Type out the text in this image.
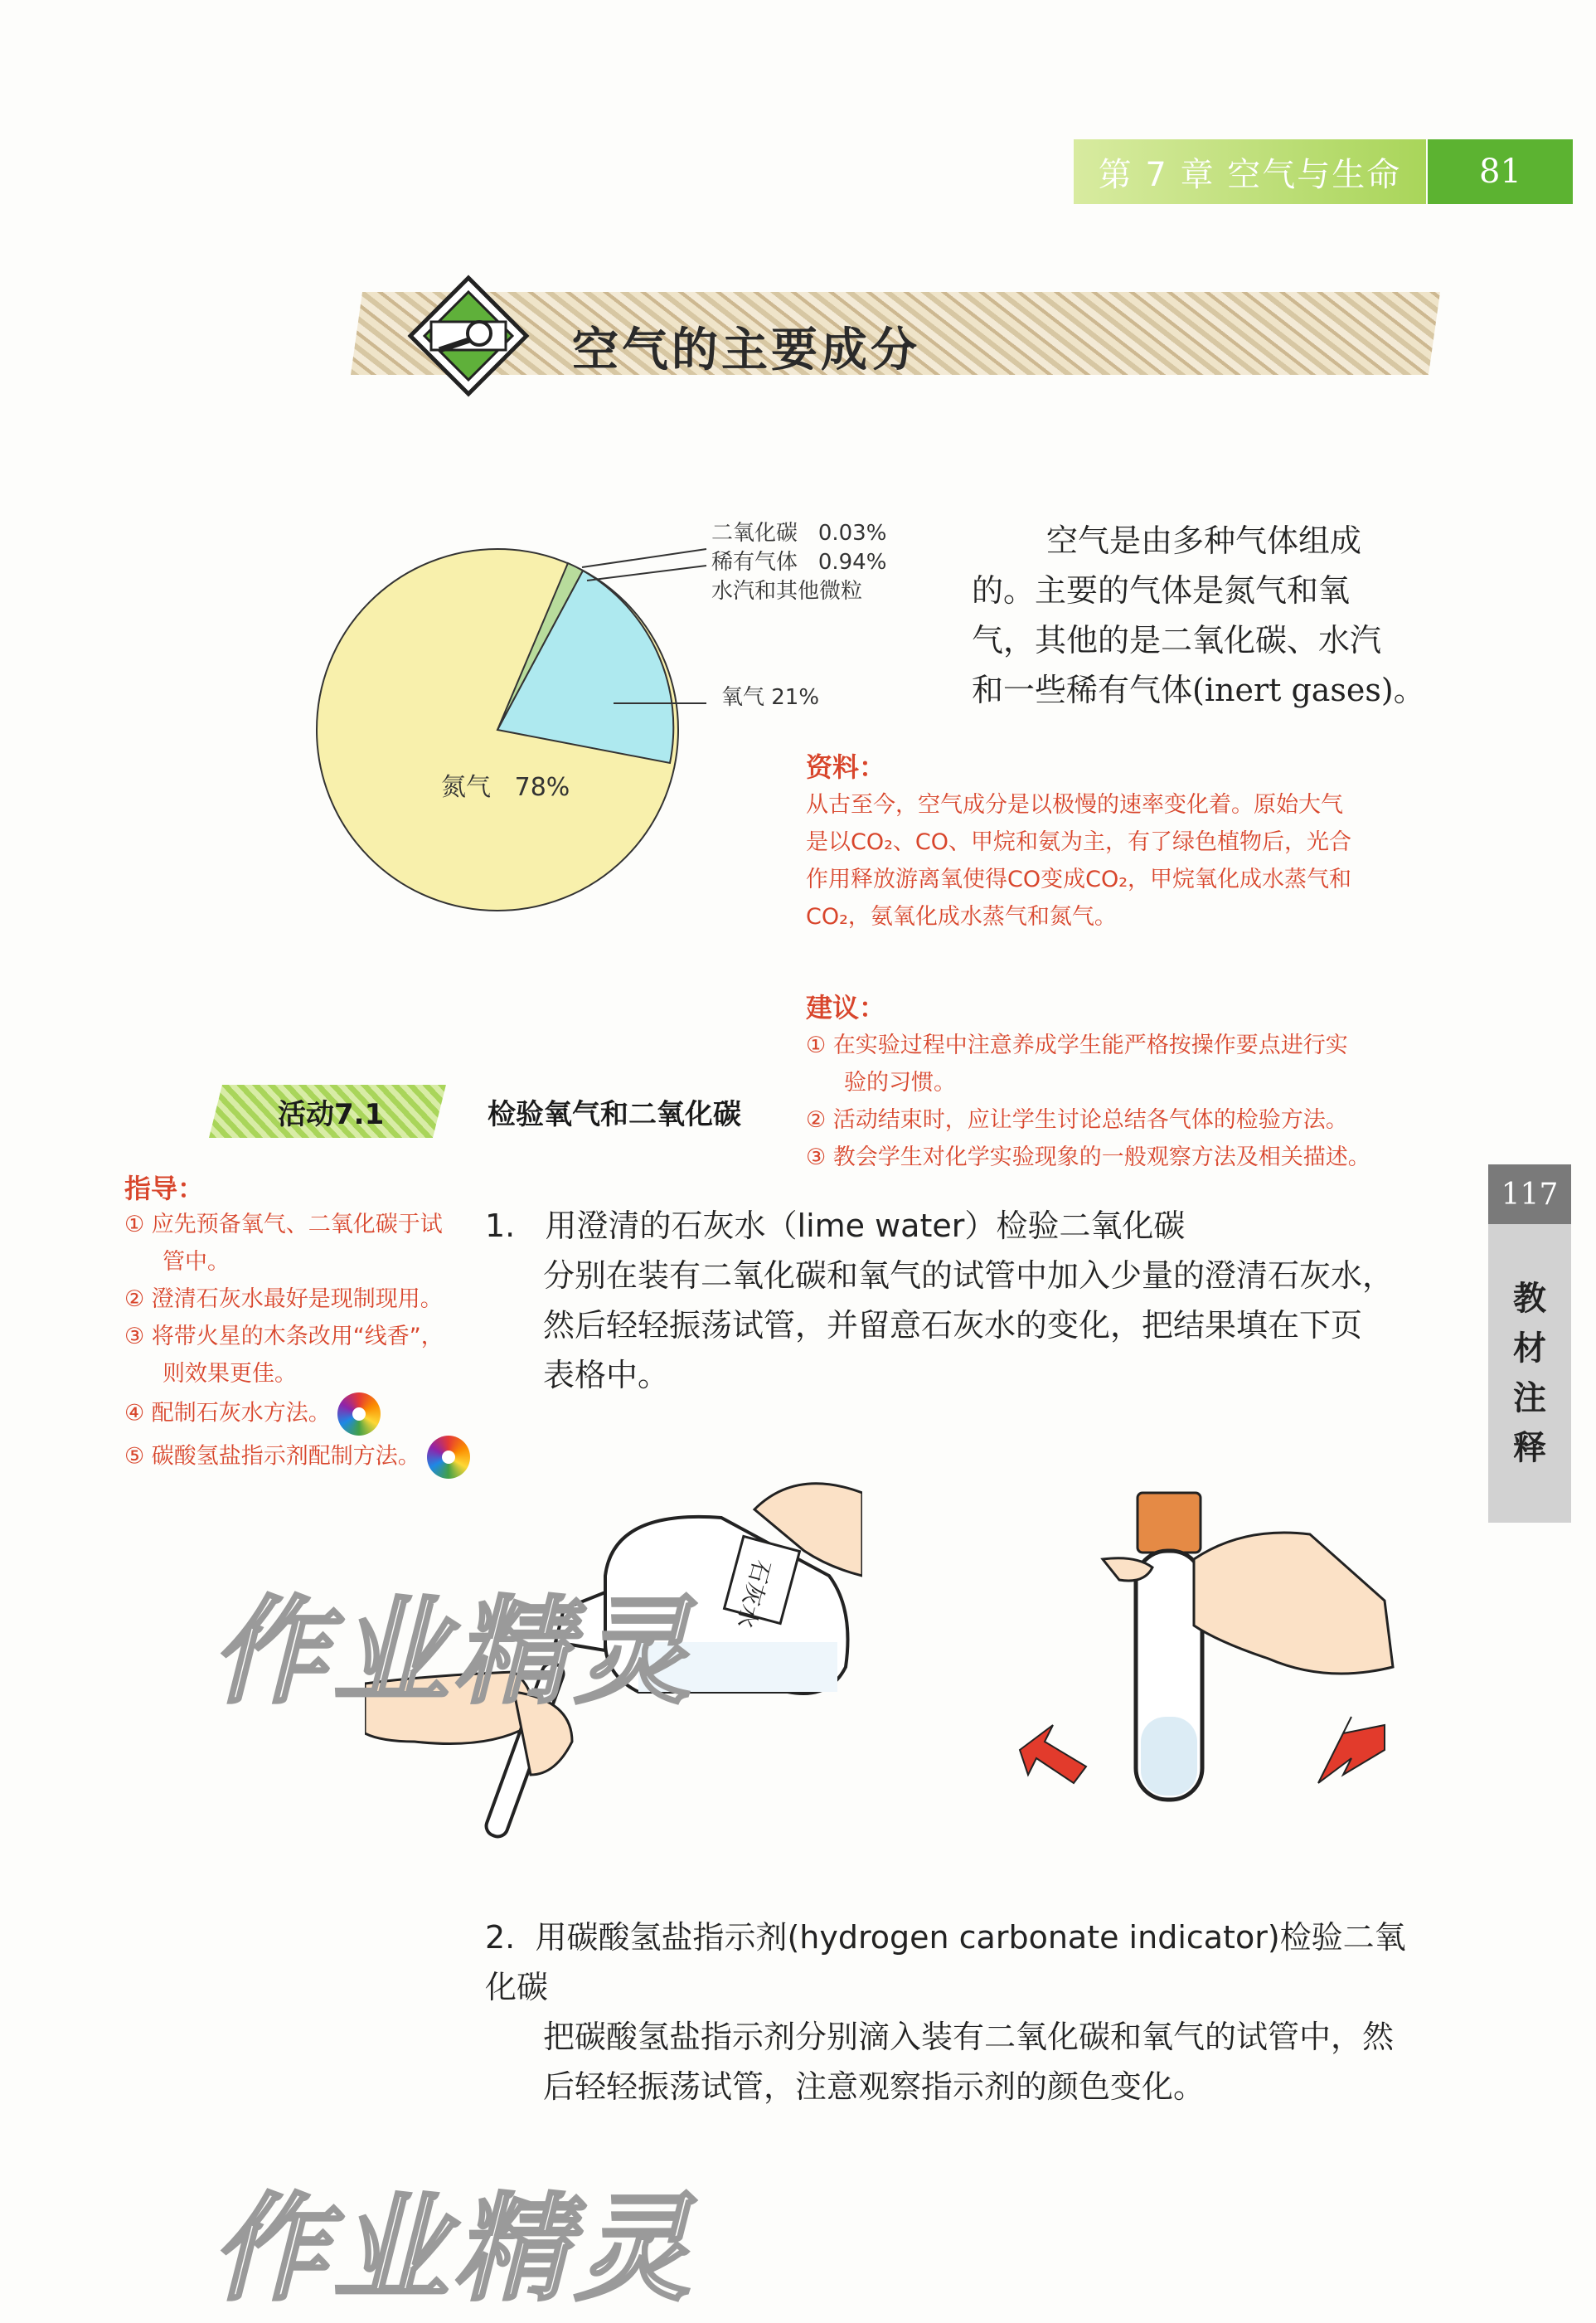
第 7 章 空气与生命 81
空气的主要成分
二氧化碳 0.03%
稀有气体 0.94%
水汽和其他微粒
氧气 21%
氮气 78%
空气是由多种气体组成
的。主要的气体是氮气和氧
气，其他的是二氧化碳、水汽
和一些稀有气体(inert gases)。
资料：
从古至今，空气成分是以极慢的速率变化着。原始大气
是以CO₂、CO、甲烷和氨为主，有了绿色植物后，光合
作用释放游离氧使得CO变成CO₂，甲烷氧化成水蒸气和
CO₂，氨氧化成水蒸气和氮气。
建议：
① 在实验过程中注意养成学生能严格按操作要点进行实
验的习惯。
② 活动结束时，应让学生讨论总结各气体的检验方法。
③ 教会学生对化学实验现象的一般观察方法及相关描述。
活动7.1	检验氧气和二氧化碳
指导：
① 应先预备氧气、二氧化碳于试
管中。
② 澄清石灰水最好是现制现用。
③ 将带火星的木条改用“线香”，
则效果更佳。
④ 配制石灰水方法。
⑤ 碳酸氢盐指示剂配制方法。
1. 用澄清的石灰水（lime water）检验二氧化碳
分别在装有二氧化碳和氧气的试管中加入少量的澄清石灰水，
然后轻轻振荡试管，并留意石灰水的变化，把结果填在下页
表格中。
117
教
材
注
释
石灰水
作业精灵
2. 用碳酸氢盐指示剂(hydrogen carbonate indicator)检验二氧化碳
把碳酸氢盐指示剂分别滴入装有二氧化碳和氧气的试管中，然
后轻轻振荡试管，注意观察指示剂的颜色变化。
作业精灵
